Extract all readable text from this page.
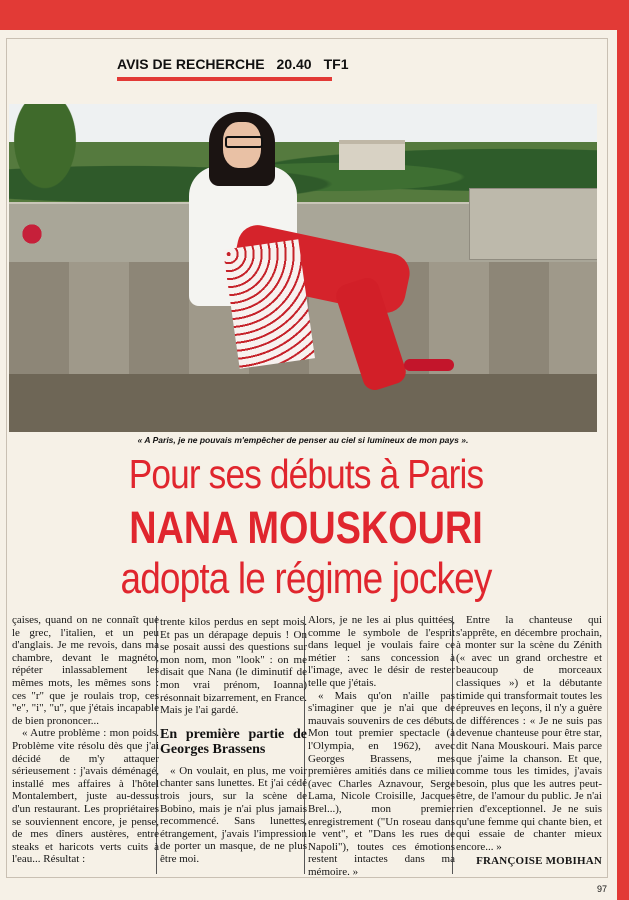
AVIS DE RECHERCHE 20.40 TF1
« A Paris, je ne pouvais m'empêcher de penser au ciel si lumineux de mon pays ».
Pour ses débuts à Paris
NANA MOUSKOURI
adopta le régime jockey

çaises, quand on ne connaît que le grec, l'italien, et un peu d'anglais. Je me revois, dans ma chambre, devant le magnéto, répéter inlassablement les mêmes mots, les mêmes sons : ces "r" que je roulais trop, ces "e", "i", "u", que j'étais incapable de bien prononcer...

« Autre problème : mon poids. Problème vite résolu dès que j'ai décidé de m'y attaquer sérieusement : j'avais déménagé, installé mes affaires à l'hôtel Montalembert, juste au-dessus d'un restaurant. Les propriétaires se souviennent encore, je pense, de mes dîners austères, entre steaks et haricots verts cuits à l'eau... Résultat :

trente kilos perdus en sept mois. Et pas un dérapage depuis ! On se posait aussi des questions sur mon nom, mon "look" : on me disait que Nana (le diminutif de mon vrai prénom, Ioanna) résonnait bizarrement, en France. Mais je l'ai gardé.

En première partie de Georges Brassens

« On voulait, en plus, me voir chanter sans lunettes. Et j'ai cédé trois jours, sur la scène de Bobino, mais je n'ai plus jamais recommencé. Sans lunettes, étrangement, j'avais l'impression de porter un masque, de ne plus être moi.

Alors, je ne les ai plus quittées, comme le symbole de l'esprit dans lequel je voulais faire ce métier : sans concession à l'image, avec le désir de rester telle que j'étais.

« Mais qu'on n'aille pas s'imaginer que je n'ai que de mauvais souvenirs de ces débuts. Mon tout premier spectacle (à l'Olympia, en 1962), avec Georges Brassens, mes premières amitiés dans ce milieu (avec Charles Aznavour, Serge Lama, Nicole Croisille, Jacques Brel...), mon premier enregistrement ("Un roseau dans le vent", et "Dans les rues de Napoli"), toutes ces émotions restent intactes dans ma mémoire. »

Entre la chanteuse qui s'apprête, en décembre prochain, à monter sur la scène du Zénith (« avec un grand orchestre et beaucoup de morceaux classiques ») et la débutante timide qui transformait toutes les épreuves en leçons, il n'y a guère de différences : « Je ne suis pas devenue chanteuse pour être star, dit Nana Mouskouri. Mais parce que j'aime la chanson. Et que, comme tous les timides, j'avais besoin, plus que les autres peut-être, de l'amour du public. Je n'ai rien d'exceptionnel. Je ne suis qu'une femme qui chante bien, et qui essaie de chanter mieux encore... »

FRANÇOISE MOBIHAN
97
